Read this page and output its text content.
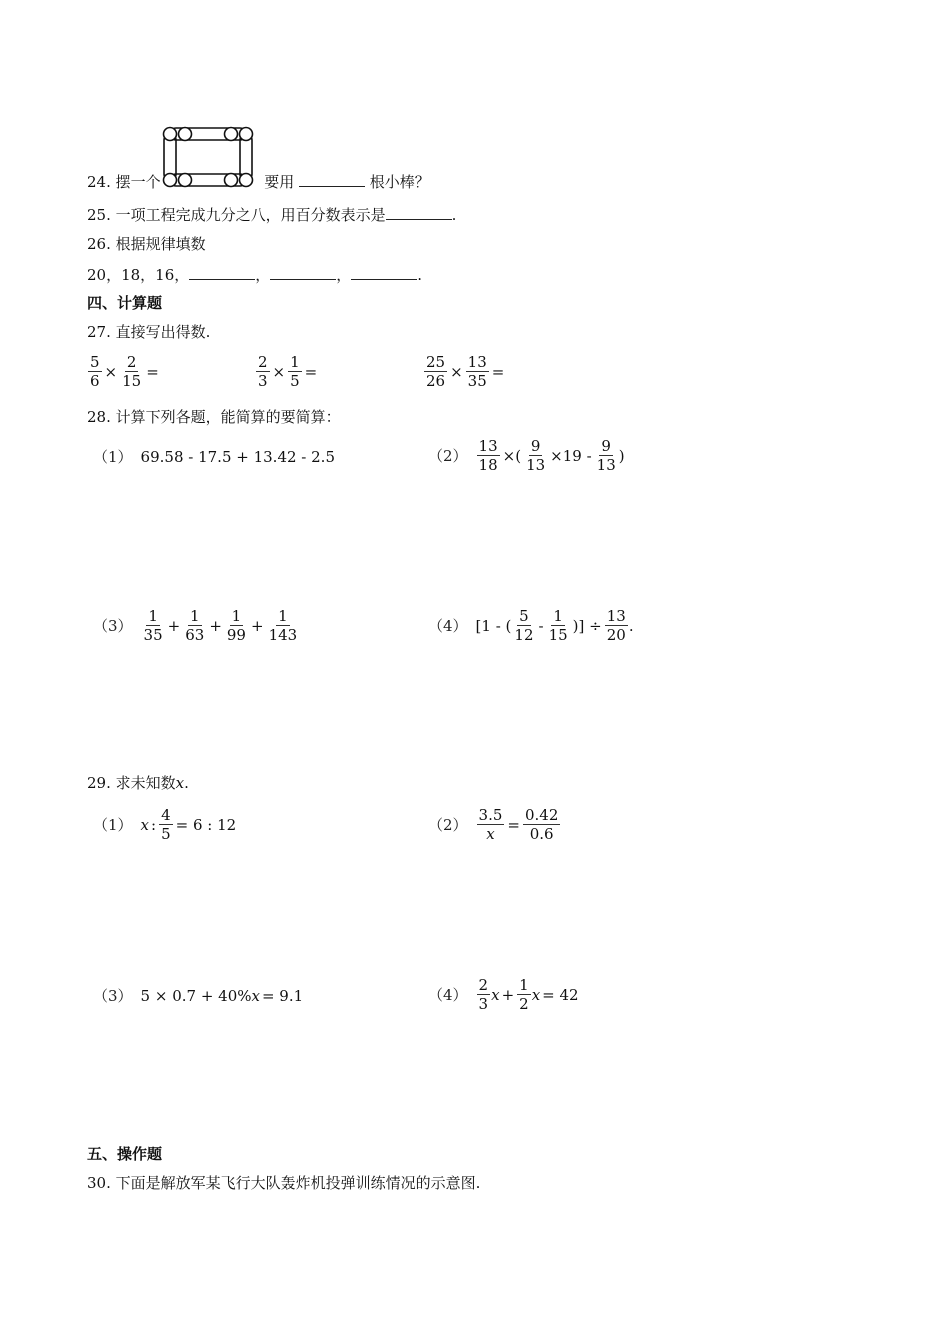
24. 摆一个	要用	根小棒？
25. 一项工程完成九分之八，用百分数表示是	.
26. 根据规律填数
20，18，16，	，	，	.
四、计算题
27. 直接写出得数.
$\frac{5}{6} \times \frac{2}{15}$ =	$\frac{2}{3} \times \frac{1}{5}$ =	$\frac{25}{26} \times \frac{13}{35}$ =
28. 计算下列各题，能简算的要简算：
（1） 69.58 - 17.5 + 13.42 - 2.5	$(2) \frac{13}{18}$ ×( $\frac{9}{13} \times 19 - \frac{9}{13}$ )
$(3) \frac{1}{35} + \frac{1}{63} + \frac{1}{99} + \frac{1}{143}$	（4） [1 - ( $\frac{5}{12} - \frac{1}{15}$ )] ÷ $\frac{13}{20}$ .
29. 求未知数x.
（1） x : $\frac{4}{5} = 6$ : 12	$(2) \frac{3.5}{x} = \frac{0.42}{0.6}$
（3） 5 × 0.7 + 40% x = 9.1	$(4) \frac{2}{3}$ $x + \frac{1}{2}$ x = 42
五、操作题
30. 下面是解放军某飞行大队轰炸机投弹训练情况的示意图.
